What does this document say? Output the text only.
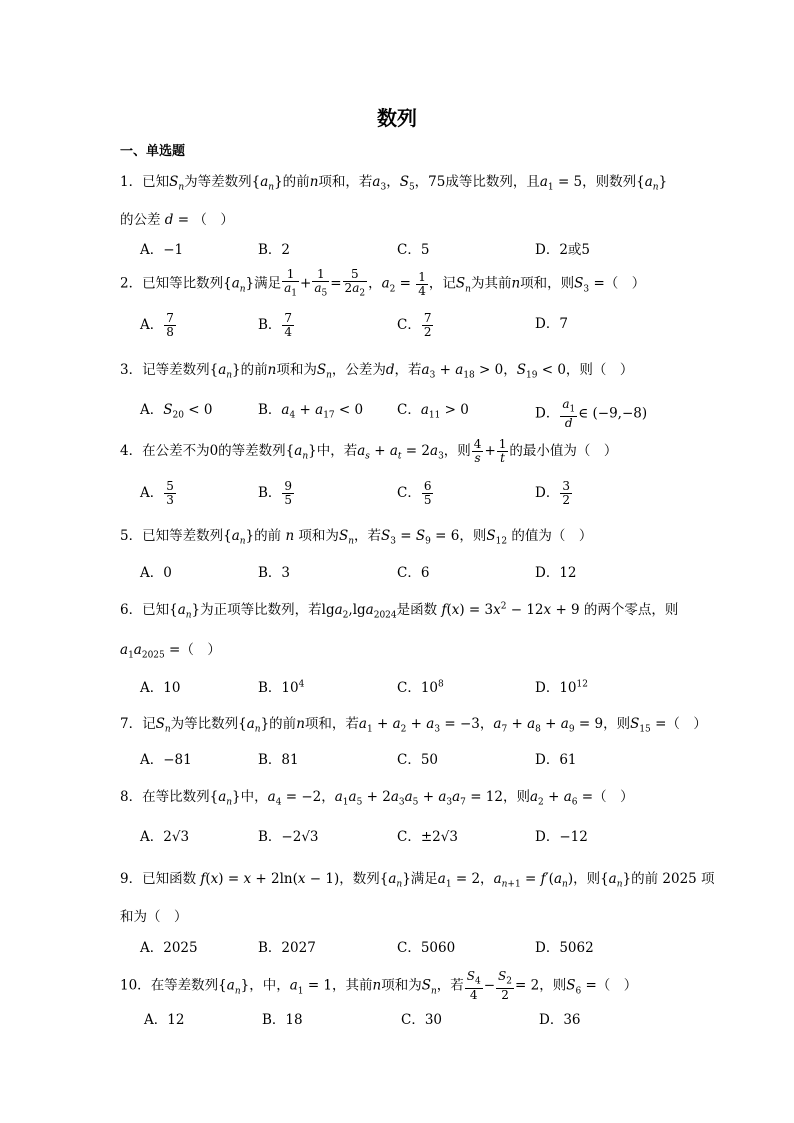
数列
一、单选题
1．已知$S_n$为等差数列$\{a_n\}$的前n项和，若$a_3$，$S_5$，75成等比数列，且$a_1 = 5$，则数列$\{a_n\}$
的公差 d = （　）
A．−1	B．2	C．5	D．2或5
2．已知等比数列$\{a_n\}$满足 $\frac{1}{a_1} + \frac{1}{a_5} = \frac{5}{2a_2}$ ，$a_2 = \frac{1}{4}$ ，记$S_n$为其前n项和，则$S_3$ =（　）
A． $\frac{7}{8}$	B． $\frac{7}{4}$	C． $\frac{7}{2}$	D．7
3．记等差数列$\{a_n\}$的前n项和为$S_n$，公差为d，若$a_3 + a_{18} > 0$，$S_{19} < 0$，则（　）
A．$S_{20} < 0$	B．$a_4 + a_{17} < 0$	C．$a_{11} > 0$	D． $\frac{a_1}{d}$ ∈ (−9,−8)
4．在公差不为0的等差数列$\{a_n\}$中，若$a_s + a_t = 2a_3$，则 $\frac{4}{s} + \frac{1}{t}$ 的最小值为（　）
A． $\frac{5}{3}$	B． $\frac{9}{5}$	C． $\frac{6}{5}$	D． $\frac{3}{2}$
5．已知等差数列$\{a_n\}$的前 n 项和为$S_n$，若$S_3 = S_9 = 6$，则$S_{12}$ 的值为（　）
A．0	B．3	C．6	D．12
6．已知$\{a_n\}$为正项等比数列，若lga$_2$,lga$_{2024}$是函数 $f(x) = 3x^2 - 12x + 9$ 的两个零点，则
$a_1a_{2025}$ =（　）
A．10	B．$10^4$	C．$10^8$	D．$10^{12}$
7．记$S_n$为等比数列$\{a_n\}$的前n项和，若$a_1 + a_2 + a_3 = -3$，$a_7 + a_8 + a_9 = 9$，则$S_{15}$ =（　）
A．−81	B．81	C．50	D．61
8．在等比数列$\{a_n\}$中，$a_4 = -2$，$a_1a_5 + 2a_3a_5 + a_3a_7 = 12$，则$a_2 + a_6$ =（　）
A．2√3	B．−2√3	C．±2√3	D．−12
9．已知函数 f(x) = x + 2ln(x − 1)，数列$\{a_n\}$满足$a_1 = 2$，$a_{n+1} = f'(a_n)$，则$\{a_n\}$的前 2025 项
和为（　）
A．2025	B．2027	C．5060	D．5062
10．在等差数列$\{a_n\}$，中，$a_1 = 1$，其前n项和为$S_n$，若 $\frac{S_4}{4} - \frac{S_2}{2} = 2$，则$S_6$ =（　）
A．12	B．18	C．30	D．36
